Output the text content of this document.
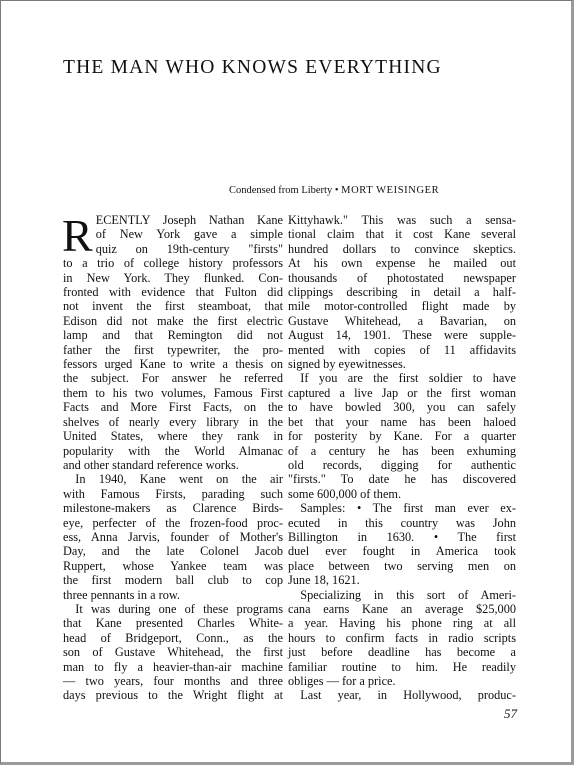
THE MAN WHO KNOWS EVERYTHING
Condensed from Liberty • MORT WEISINGER
R ECENTLY Joseph Nathan Kane
of New York gave a simple
quiz on 19th-century "firsts"
to a trio of college history professors
in New York. They flunked. Con-
fronted with evidence that Fulton did
not invent the first steamboat, that
Edison did not make the first electric
lamp and that Remington did not
father the first typewriter, the pro-
fessors urged Kane to write a thesis on
the subject. For answer he referred
them to his two volumes, Famous First
Facts and More First Facts, on the
shelves of nearly every library in the
United States, where they rank in
popularity with the World Almanac
and other standard reference works.
In 1940, Kane went on the air
with Famous Firsts, parading such
milestone-makers as Clarence Birds-
eye, perfecter of the frozen-food proc-
ess, Anna Jarvis, founder of Mother's
Day, and the late Colonel Jacob
Ruppert, whose Yankee team was
the first modern ball club to cop
three pennants in a row.
It was during one of these programs
that Kane presented Charles White-
head of Bridgeport, Conn., as the
son of Gustave Whitehead, the first
man to fly a heavier-than-air machine
— two years, four months and three
days previous to the Wright flight at
Kittyhawk." This was such a sensa-
tional claim that it cost Kane several
hundred dollars to convince skeptics.
At his own expense he mailed out
thousands of photostated newspaper
clippings describing in detail a half-
mile motor-controlled flight made by
Gustave Whitehead, a Bavarian, on
August 14, 1901. These were supple-
mented with copies of 11 affidavits
signed by eyewitnesses.
If you are the first soldier to have
captured a live Jap or the first woman
to have bowled 300, you can safely
bet that your name has been haloed
for posterity by Kane. For a quarter
of a century he has been exhuming
old records, digging for authentic
"firsts." To date he has discovered
some 600,000 of them.
Samples: • The first man ever ex-
ecuted in this country was John
Billington in 1630. • The first
duel ever fought in America took
place between two serving men on
June 18, 1621.
Specializing in this sort of Ameri-
cana earns Kane an average $25,000
a year. Having his phone ring at all
hours to confirm facts in radio scripts
just before deadline has become a
familiar routine to him. He readily
obliges — for a price.
Last year, in Hollywood, produc-
57
